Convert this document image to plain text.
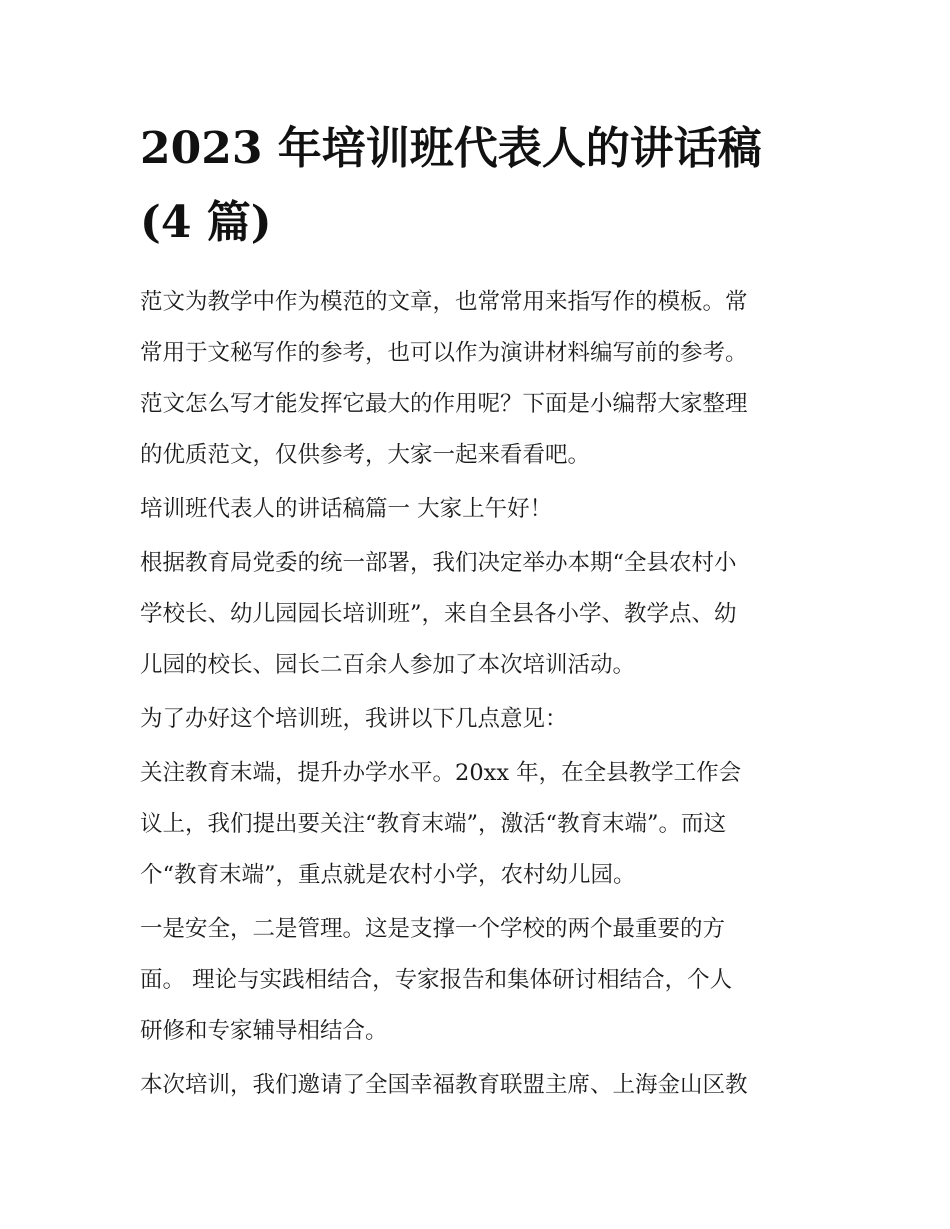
2023 年培训班代表人的讲话稿
(4 篇)

范文为教学中作为模范的文章，也常常用来指写作的模板。常
常用于文秘写作的参考，也可以作为演讲材料编写前的参考。
范文怎么写才能发挥它最大的作用呢？下面是小编帮大家整理
的优质范文，仅供参考，大家一起来看看吧。

培训班代表人的讲话稿篇一 大家上午好！

根据教育局党委的统一部署，我们决定举办本期“全县农村小
学校长、幼儿园园长培训班”，来自全县各小学、教学点、幼
儿园的校长、园长二百余人参加了本次培训活动。

为了办好这个培训班，我讲以下几点意见：

关注教育末端，提升办学水平。20xx 年，在全县教学工作会
议上，我们提出要关注“教育末端”，激活“教育末端”。而这
个“教育末端”，重点就是农村小学，农村幼儿园。

一是安全，二是管理。这是支撑一个学校的两个最重要的方
面。 理论与实践相结合，专家报告和集体研讨相结合，个人
研修和专家辅导相结合。

本次培训，我们邀请了全国幸福教育联盟主席、上海金山区教
